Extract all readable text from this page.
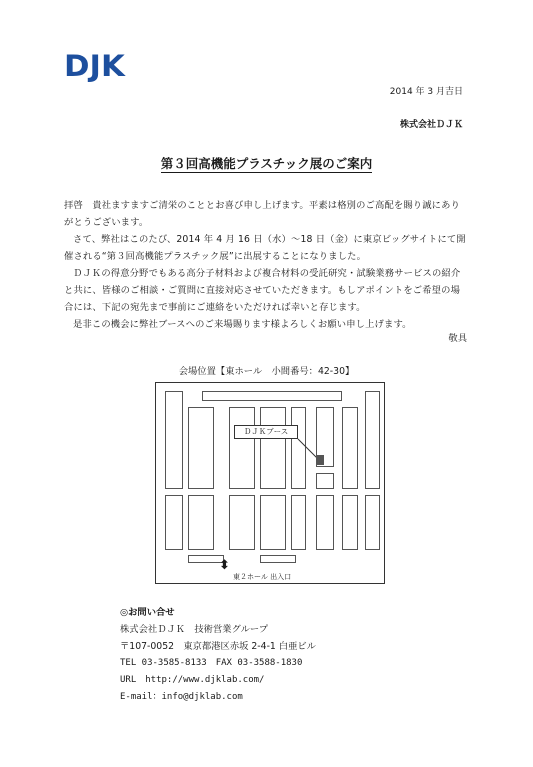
DJK
2014 年 3 月吉日
株式会社ＤＪＫ
第３回高機能プラスチック展のご案内

拝啓　貴社ますますご清栄のこととお喜び申し上げます。平素は格別のご高配を賜り誠にありがとうございます。

さて、弊社はこのたび、2014 年 4 月 16 日（水）～18 日（金）に東京ビッグサイトにて開催される“第３回高機能プラスチック展”に出展することになりました。

ＤＪＫの得意分野でもある高分子材料および複合材料の受託研究・試験業務サービスの紹介と共に、皆様のご相談・ご質問に直接対応させていただきます。もしアポイントをご希望の場合には、下記の宛先まで事前にご連絡をいただければ幸いと存じます。

是非この機会に弊社ブースへのご来場賜ります様よろしくお願い申し上げます。

敬具
会場位置【東ホール　小間番号：42-30】
ＤＪＫブース
⬍
東２ホール 出入口
◎お問い合せ
株式会社ＤＪＫ　技術営業グループ
〒107-0052　東京都港区赤坂 2-4-1 白亜ビル
TEL 03-3585-8133　FAX 03-3588-1830
URL　http://www.djklab.com/
E-mail：info@djklab.com
